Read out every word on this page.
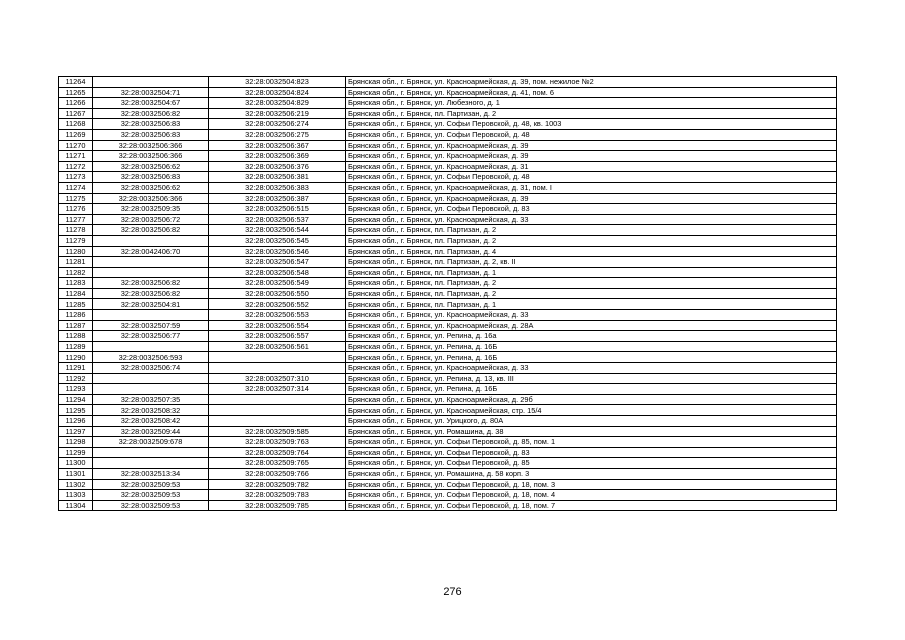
11264		32:28:0032504:823	Брянская обл., г. Брянск, ул. Красноармейская, д. 39, пом. нежилое №2
11265	32:28:0032504:71	32:28:0032504:824	Брянская обл., г. Брянск, ул. Красноармейская, д. 41, пом. 6
11266	32:28:0032504:67	32:28:0032504:829	Брянская обл., г. Брянск, ул. Любезного, д. 1
11267	32:28:0032506:82	32:28:0032506:219	Брянская обл., г. Брянск, пл. Партизан, д. 2
11268	32:28:0032506:83	32:28:0032506:274	Брянская обл., г. Брянск, ул. Софьи Перовской, д. 48, кв. 1003
11269	32:28:0032506:83	32:28:0032506:275	Брянская обл., г. Брянск, ул. Софьи Перовской, д. 48
11270	32:28:0032506:366	32:28:0032506:367	Брянская обл., г. Брянск, ул. Красноармейская, д. 39
11271	32:28:0032506:366	32:28:0032506:369	Брянская обл., г. Брянск, ул. Красноармейская, д. 39
11272	32:28:0032506:62	32:28:0032506:376	Брянская обл., г. Брянск, ул. Красноармейская, д. 31
11273	32:28:0032506:83	32:28:0032506:381	Брянская обл., г. Брянск, ул. Софьи Перовской, д. 48
11274	32:28:0032506:62	32:28:0032506:383	Брянская обл., г. Брянск, ул. Красноармейская, д. 31, пом. I
11275	32:28:0032506:366	32:28:0032506:387	Брянская обл., г. Брянск, ул. Красноармейская, д. 39
11276	32:28:0032509:35	32:28:0032506:515	Брянская обл., г. Брянск, ул. Софьи Перовской, д. 83
11277	32:28:0032506:72	32:28:0032506:537	Брянская обл., г. Брянск, ул. Красноармейская, д. 33
11278	32:28:0032506:82	32:28:0032506:544	Брянская обл., г. Брянск, пл. Партизан, д. 2
11279		32:28:0032506:545	Брянская обл., г. Брянск, пл. Партизан, д. 2
11280	32:28:0042406:70	32:28:0032506:546	Брянская обл., г. Брянск, пл. Партизан, д. 4
11281		32:28:0032506:547	Брянская обл., г. Брянск, пл. Партизан, д. 2, кв. II
11282		32:28:0032506:548	Брянская обл., г. Брянск, пл. Партизан, д. 1
11283	32:28:0032506:82	32:28:0032506:549	Брянская обл., г. Брянск, пл. Партизан, д. 2
11284	32:28:0032506:82	32:28:0032506:550	Брянская обл., г. Брянск, пл. Партизан, д. 2
11285	32:28:0032504:81	32:28:0032506:552	Брянская обл., г. Брянск, пл. Партизан, д. 1
11286		32:28:0032506:553	Брянская обл., г. Брянск, ул. Красноармейская, д. 33
11287	32:28:0032507:59	32:28:0032506:554	Брянская обл., г. Брянск, ул. Красноармейская, д. 28А
11288	32:28:0032506:77	32:28:0032506:557	Брянская обл., г. Брянск, ул. Репина, д. 16а
11289		32:28:0032506:561	Брянская обл., г. Брянск, ул. Репина, д. 16Б
11290	32:28:0032506:593		Брянская обл., г. Брянск, ул. Репина, д. 16Б
11291	32:28:0032506:74		Брянская обл., г. Брянск, ул. Красноармейская, д. 33
11292		32:28:0032507:310	Брянская обл., г. Брянск, ул. Репина, д. 13, кв. III
11293		32:28:0032507:314	Брянская обл., г. Брянск, ул. Репина, д. 16Б
11294	32:28:0032507:35		Брянская обл., г. Брянск, ул. Красноармейская, д. 29б
11295	32:28:0032508:32		Брянская обл., г. Брянск, ул. Красноармейская, стр. 15/4
11296	32:28:0032508:42		Брянская обл., г. Брянск, ул. Урицкого, д. 80А
11297	32:28:0032509:44	32:28:0032509:585	Брянская обл., г. Брянск, ул. Ромашина, д. 38
11298	32:28:0032509:678	32:28:0032509:763	Брянская обл., г. Брянск, ул. Софьи Перовской, д. 85, пом. 1
11299		32:28:0032509:764	Брянская обл., г. Брянск, ул. Софьи Перовской, д. 83
11300		32:28:0032509:765	Брянская обл., г. Брянск, ул. Софьи Перовской, д. 85
11301	32:28:0032513:34	32:28:0032509:766	Брянская обл., г. Брянск, ул. Ромашина, д. 58 корп. 3
11302	32:28:0032509:53	32:28:0032509:782	Брянская обл., г. Брянск, ул. Софьи Перовской, д. 18, пом. 3
11303	32:28:0032509:53	32:28:0032509:783	Брянская обл., г. Брянск, ул. Софьи Перовской, д. 18, пом. 4
11304	32:28:0032509:53	32:28:0032509:785	Брянская обл., г. Брянск, ул. Софьи Перовской, д. 18, пом. 7
276
